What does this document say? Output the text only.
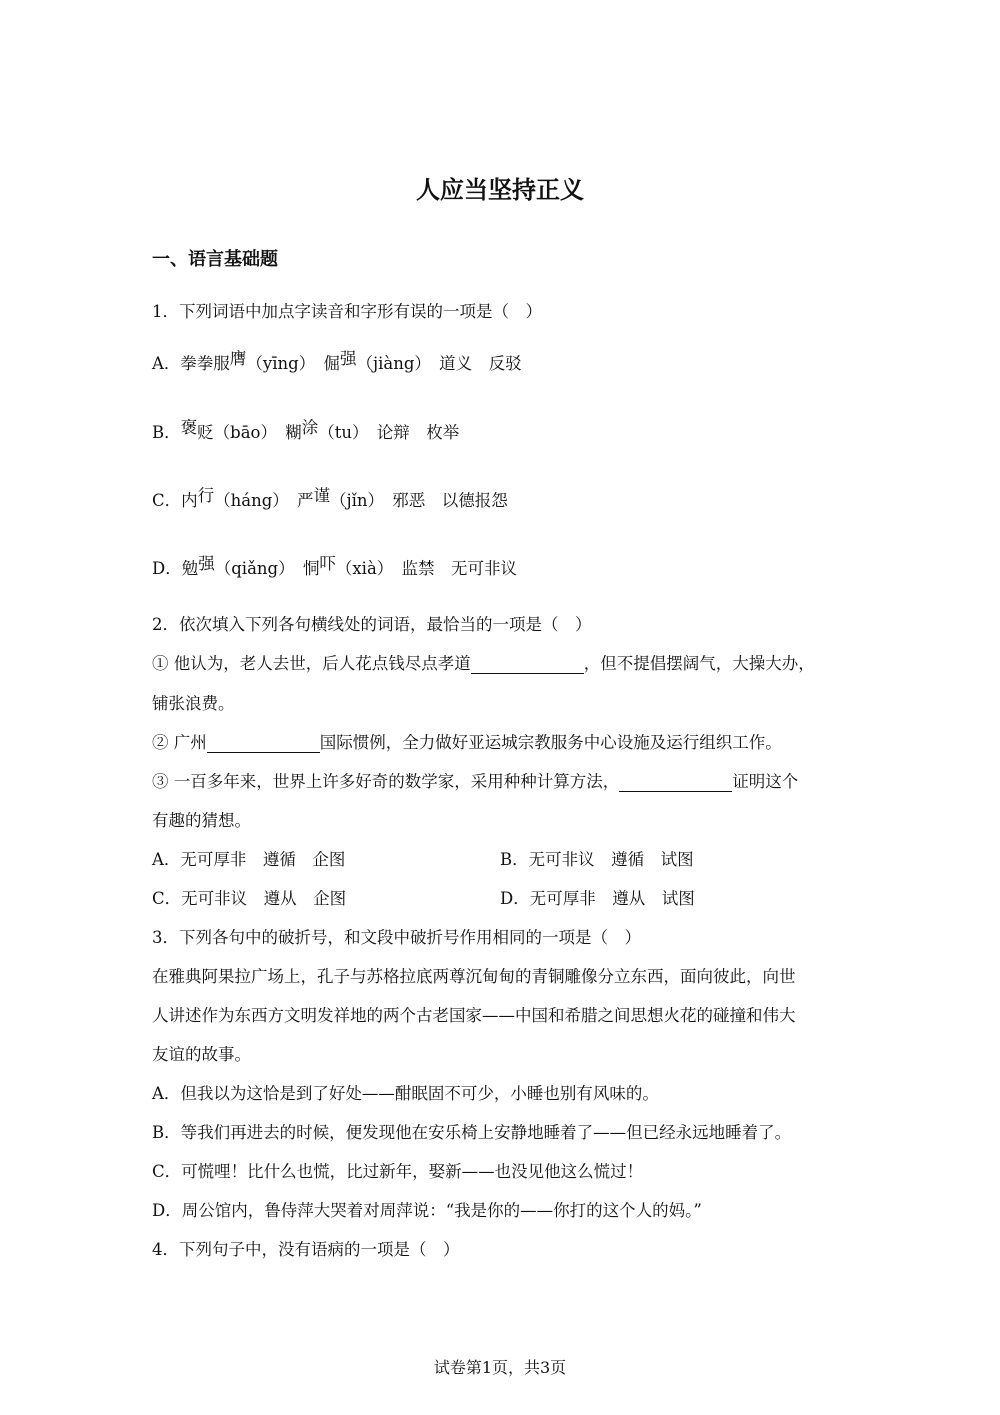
人应当坚持正义
一、语言基础题
1．下列词语中加点字读音和字形有误的一项是（　）
A．拳拳服膺（yīng）　倔强（jiàng）　道义　反驳
B．褒贬（bāo）　糊涂（tu）　论辩　枚举
C．内行（háng）　严谨（jǐn）　邪恶　以德报怨
D．勉强（qiǎng）　恫吓（xià）　监禁　无可非议
2．依次填入下列各句横线处的词语，最恰当的一项是（　）
① 他认为，老人去世，后人花点钱尽点孝道	，但不提倡摆阔气，大操大办，
铺张浪费。
② 广州	国际惯例，全力做好亚运城宗教服务中心设施及运行组织工作。
③ 一百多年来，世界上许多好奇的数学家，采用种种计算方法，	证明这个
有趣的猜想。
A．无可厚非　遵循　企图	B．无可非议　遵循　试图
C．无可非议　遵从　企图	D．无可厚非　遵从　试图
3．下列各句中的破折号，和文段中破折号作用相同的一项是（　）
在雅典阿果拉广场上，孔子与苏格拉底两尊沉甸甸的青铜雕像分立东西，面向彼此，向世
人讲述作为东西方文明发祥地的两个古老国家——中国和希腊之间思想火花的碰撞和伟大
友谊的故事。
A．但我以为这恰是到了好处——酣眠固不可少，小睡也别有风味的。
B．等我们再进去的时候，便发现他在安乐椅上安静地睡着了——但已经永远地睡着了。
C．可慌哩！比什么也慌，比过新年，娶新——也没见他这么慌过！
D．周公馆内，鲁侍萍大哭着对周萍说：“我是你的——你打的这个人的妈。”
4．下列句子中，没有语病的一项是（　）
试卷第1页，共3页
